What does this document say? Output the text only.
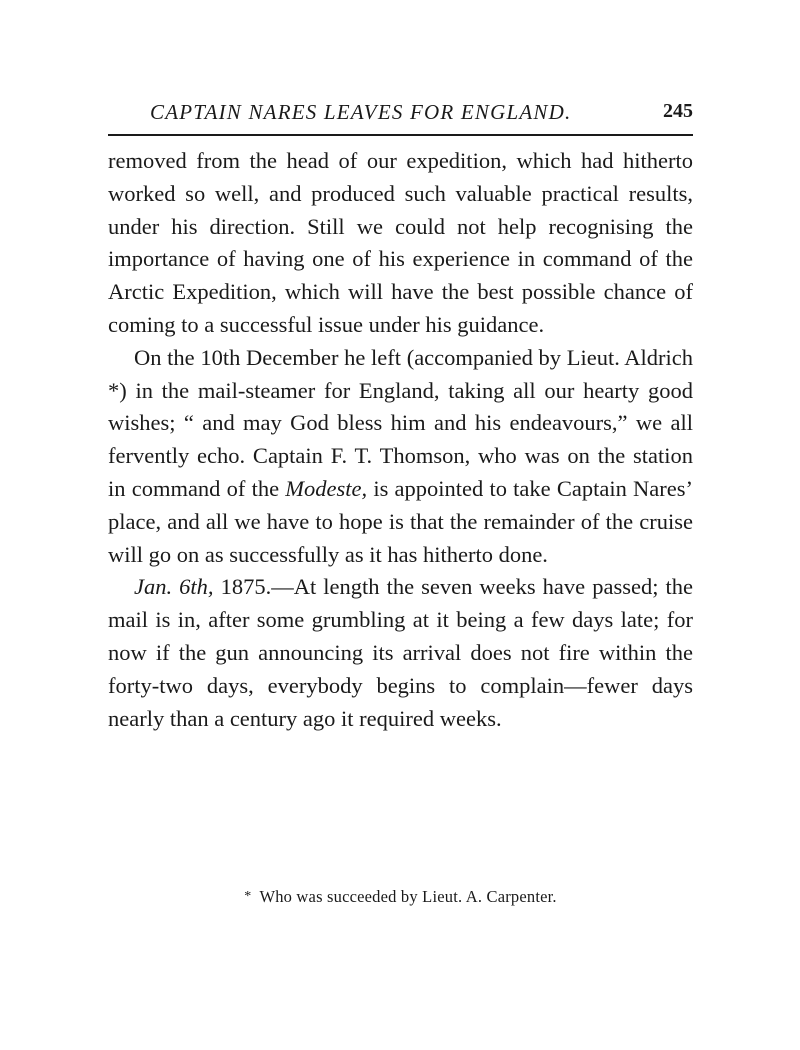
CAPTAIN NARES LEAVES FOR ENGLAND.	245

removed from the head of our expedition, which had hitherto worked so well, and produced such valuable practical results, under his direction. Still we could not help recognising the importance of having one of his experience in command of the Arctic Expedition, which will have the best possible chance of coming to a successful issue under his guidance.

On the 10th December he left (accompanied by Lieut. Aldrich *) in the mail-steamer for England, taking all our hearty good wishes; “ and may God bless him and his endeavours,” we all fervently echo. Captain F. T. Thomson, who was on the station in command of the Modeste, is appointed to take Captain Nares’ place, and all we have to hope is that the remainder of the cruise will go on as successfully as it has hitherto done.

Jan. 6th, 1875.—At length the seven weeks have passed; the mail is in, after some grumbling at it being a few days late; for now if the gun announcing its arrival does not fire within the forty-two days, everybody begins to complain—fewer days nearly than a century ago it required weeks.

* Who was succeeded by Lieut. A. Carpenter.
